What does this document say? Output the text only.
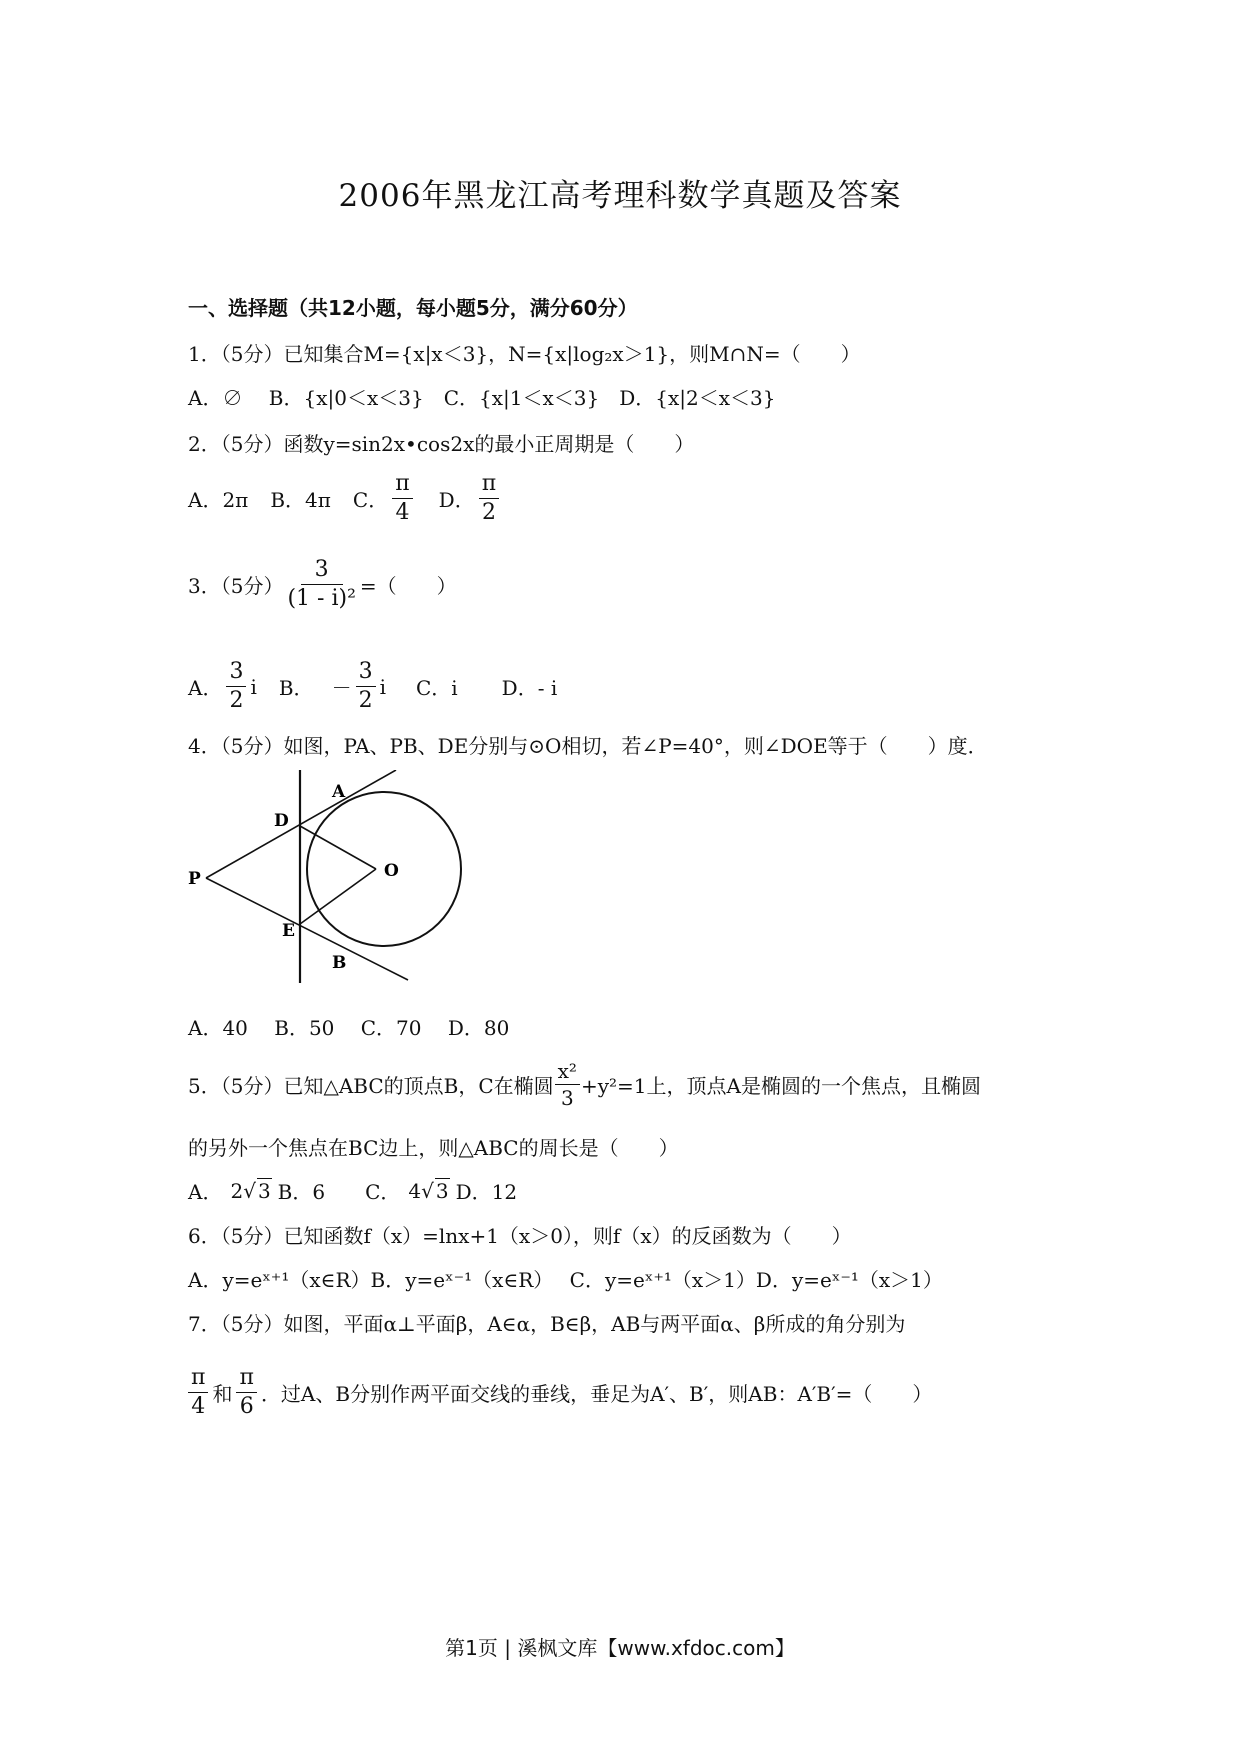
2006年黑龙江高考理科数学真题及答案
一、选择题（共12小题，每小题5分，满分60分）
1．（5分）已知集合M={x|x＜3}，N={x|log₂x＞1}，则M∩N=（　　）
A．∅　 B．{x|0＜x＜3}　C．{x|1＜x＜3}　D．{x|2＜x＜3}
2．（5分）函数y=sin2x•cos2x的最小正周期是（　　）
A．2π B．4π C． $\frac{\pi}{4}$ D． $\frac{\pi}{2}$
3．（5分） $\frac{3}{\text{(1 - i)²}}$ =（　　）
A． $\frac{3}{2}$ i B． － $\frac{3}{2}$ i C．i D．- i
4．（5分）如图，PA、PB、DE分别与⊙O相切，若∠P=40°，则∠DOE等于（　　）度．
A
D
P	O
E
B
A．40　 B．50　 C．70　 D．80
5．（5分）已知△ABC的顶点B，C在椭圆 $\frac{\text{x²}}{3} +y^2=1$上，顶点A是椭圆的一个焦点，且椭圆
的另外一个焦点在BC边上，则△ABC的周长是（　　）
A． 2 √ 3 B．6　　C． 4 √ 3 D．12
6．（5分）已知函数f（x）=lnx+1（x＞0），则f（x）的反函数为（　　）
A．y=eˣ⁺¹（x∈R）B．y=eˣ⁻¹（x∈R）　 C．y=eˣ⁺¹（x＞1）D．y=eˣ⁻¹（x＞1）
7．（5分）如图，平面α⊥平面β，A∈α，B∈β，AB与两平面α、β所成的角分别为
$\frac{\pi}{4}$ 和 $\frac{\pi}{6}$ ．过A、B分别作两平面交线的垂线，垂足为A′、B′，则AB：A′B′=（　　）
第1页 | 溪枫文库【www.xfdoc.com】
